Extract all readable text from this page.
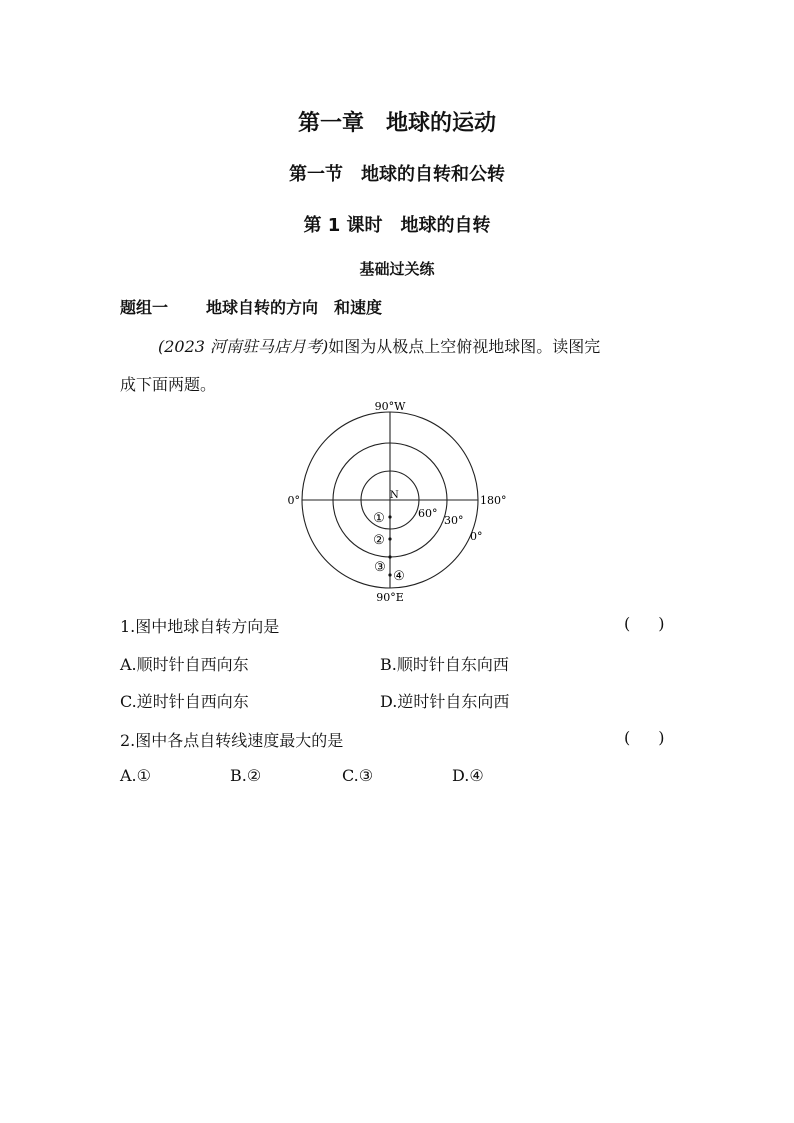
第一章　地球的运动
第一节　地球的自转和公转
第 1 课时　地球的自转
基础过关练
题组一 地球自转的方向　和速度
(2023 河南驻马店月考)如图为从极点上空俯视地球图。读图完
成下面两题。
90°W
90°E
0°	180°
N
60°
30°
0°
①
②
③
④
1.图中地球自转方向是	( )
A.顺时针自西向东	B.顺时针自东向西
C.逆时针自西向东	D.逆时针自东向西
2.图中各点自转线速度最大的是	( )
A.①	B.②	C.③	D.④
